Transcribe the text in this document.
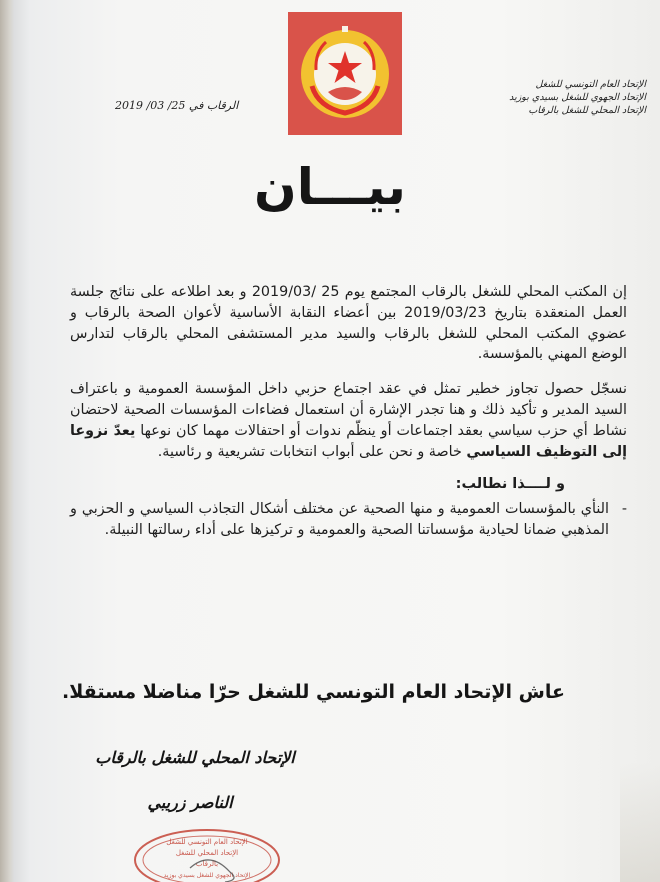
الإتحاد العام التونسي للشغل
الإتحاد الجهوي للشغل بسيدي بوزيد
الإتحاد المحلي للشغل بالرقاب
الرقاب في 25/ 03/ 2019
بيـــان

إن المكتب المحلي للشغل بالرقاب المجتمع يوم 25 /2019/03 و بعد اطلاعه على نتائج جلسة العمل المنعقدة بتاريخ 2019/03/23 بين أعضاء النقابة الأساسية لأعوان الصحة بالرقاب و عضوي المكتب المحلي للشغل بالرقاب والسيد مدير المستشفى المحلي بالرقاب لتدارس الوضع المهني بالمؤسسة.

نسجّل حصول تجاوز خطير تمثل في عقد اجتماع حزبي داخل المؤسسة العمومية و باعتراف السيد المدير و تأكيد ذلك و هنا تجدر الإشارة أن استعمال فضاءات المؤسسات الصحية لاحتضان نشاط أي حزب سياسي بعقد اجتماعات أو ينظّم ندوات أو احتفالات مهما كان نوعها يعدّ نزوعا إلى التوظيف السياسي خاصة و نحن على أبواب انتخابات تشريعية و رئاسية.

و لــــذا نطالب:

-
النأي بالمؤسسات العمومية و منها الصحية عن مختلف أشكال التجاذب السياسي و الحزبي و المذهبي ضمانا لحيادية مؤسساتنا الصحية والعمومية و تركيزها على أداء رسالتها النبيلة.

عاش الإتحاد العام التونسي للشغل حرّا مناضلا مستقلا.
الإتحاد المحلي للشغل بالرقاب
الناصر زريبي
الإتحاد العام التونسي للشغل
الإتحاد المحلي للشغل
بالرقاب
الإتحاد الجهوي للشغل بسيدي بوزيد
